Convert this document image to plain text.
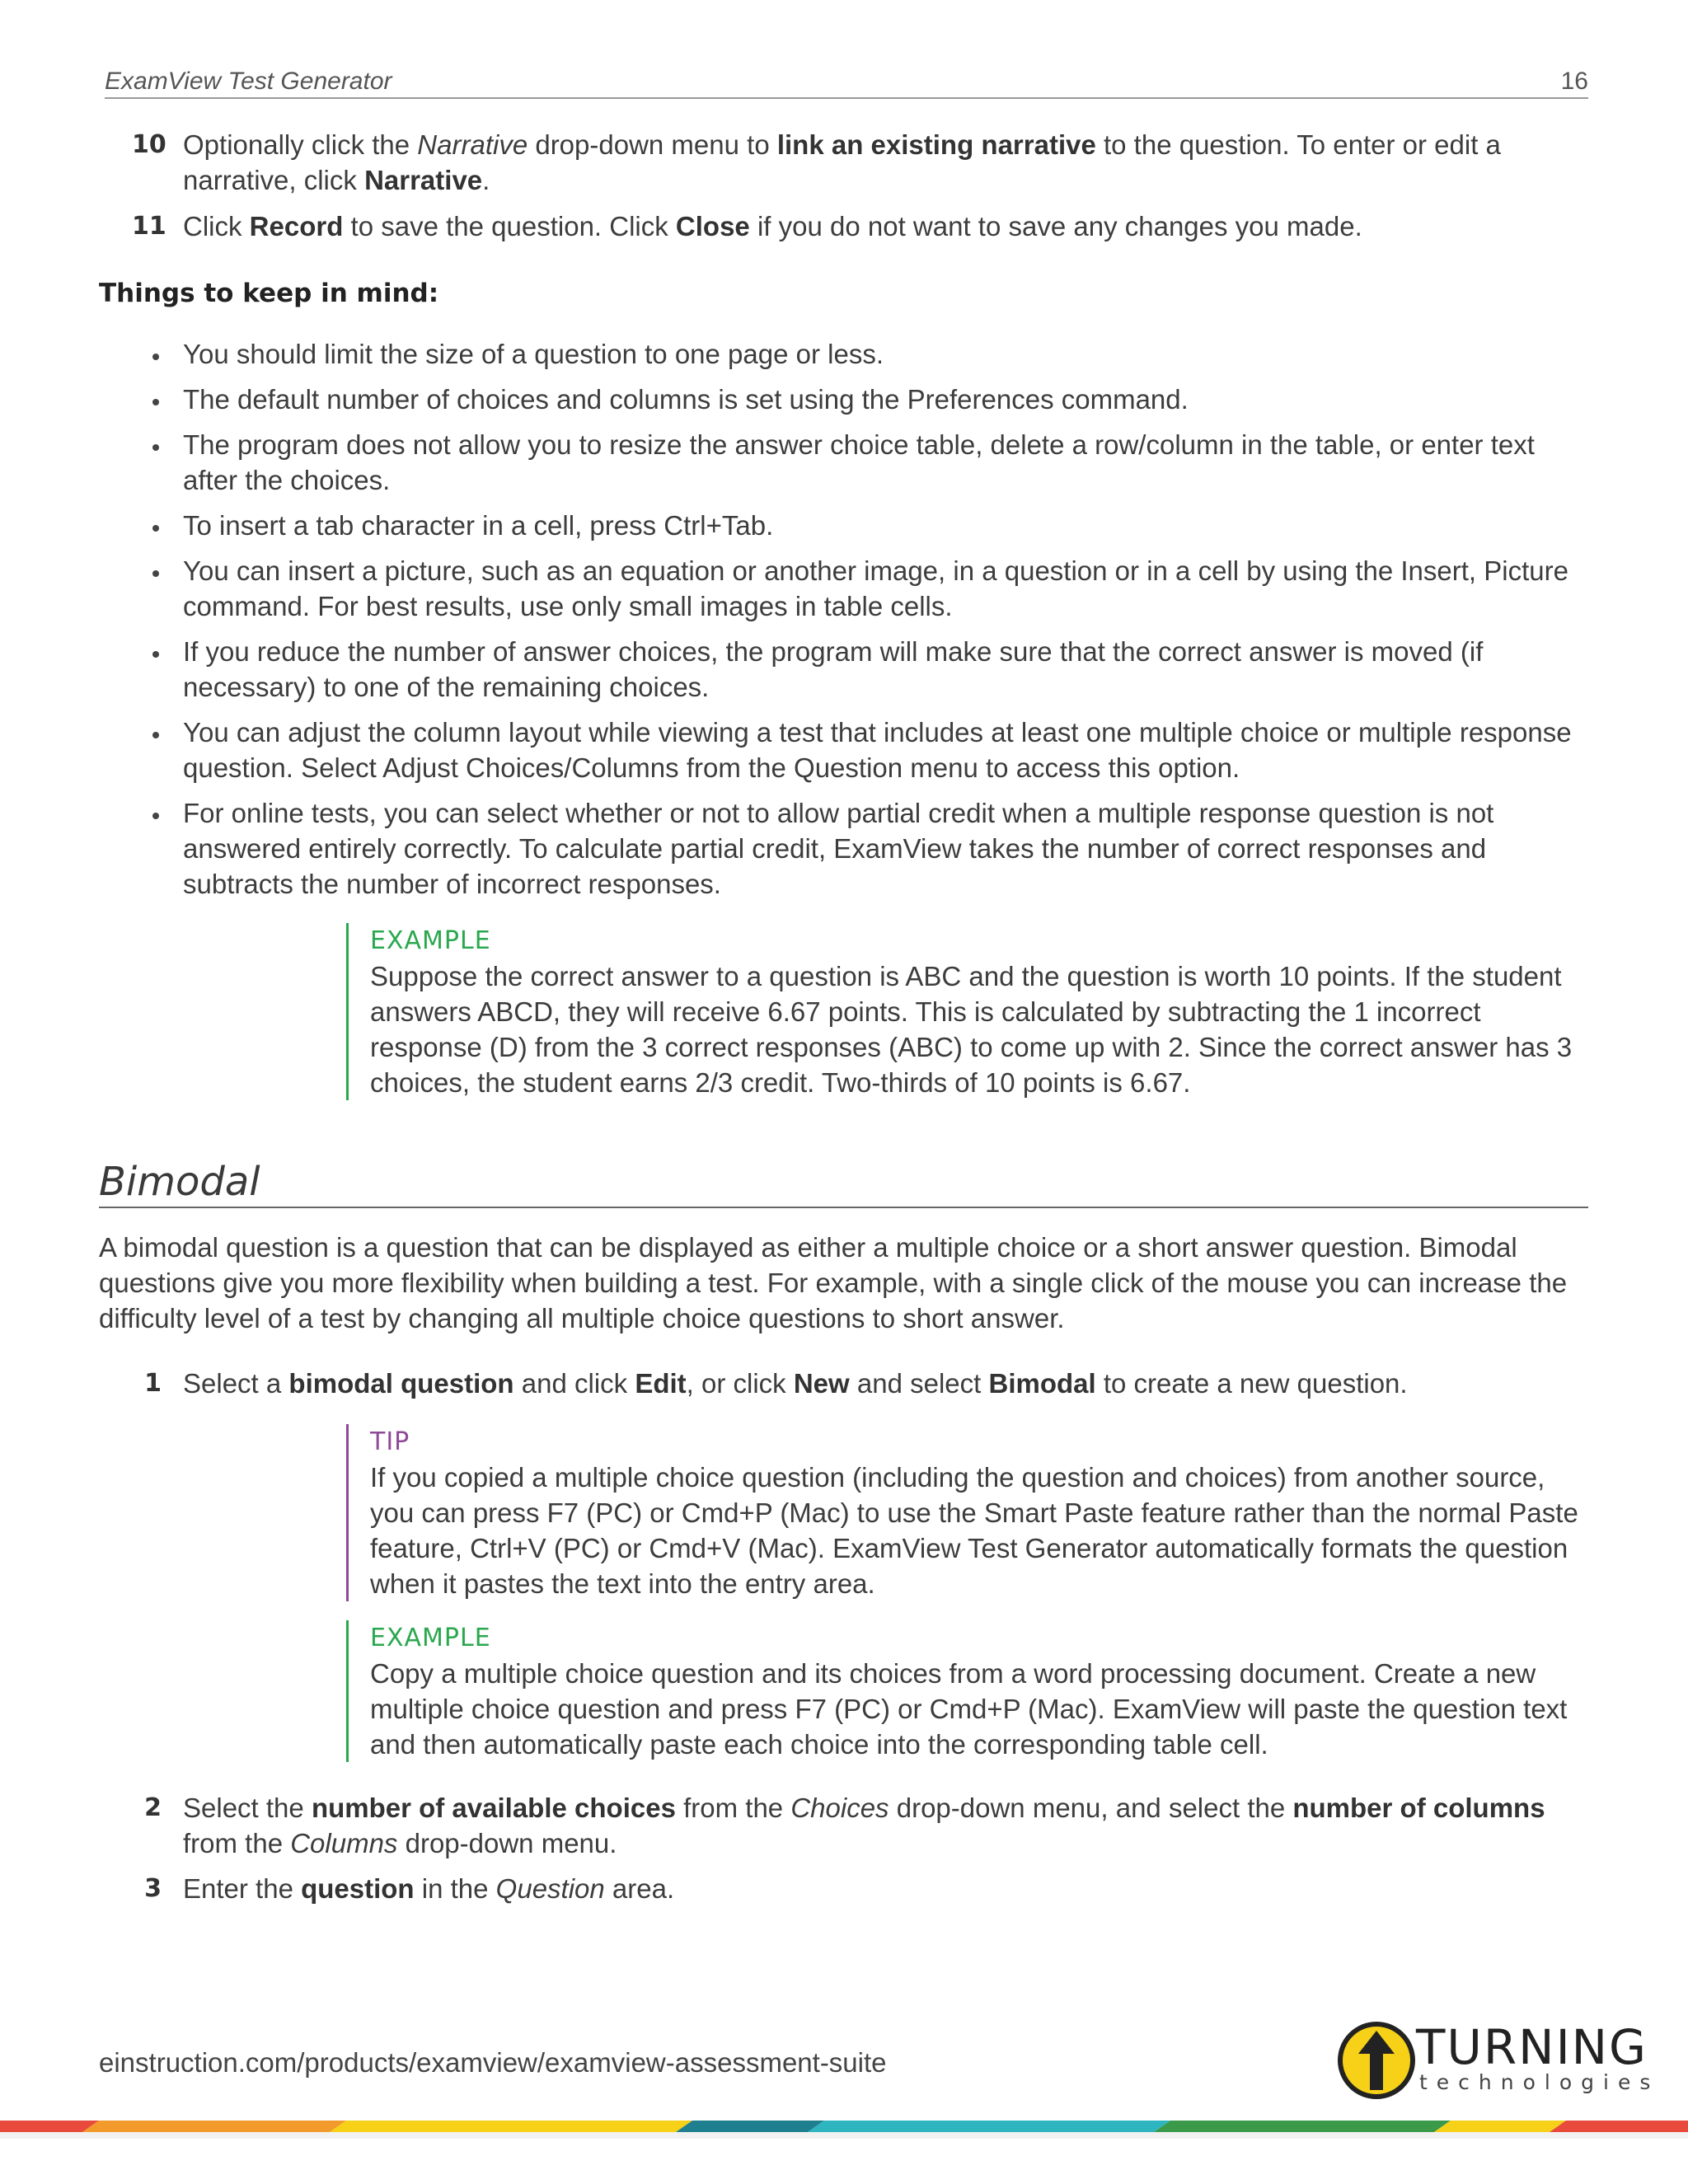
ExamView Test Generator	16
10 Optionally click the Narrative drop-down menu to link an existing narrative to the question. To enter or edit a narrative, click Narrative.
11 Click Record to save the question. Click Close if you do not want to save any changes you made.
Things to keep in mind:
You should limit the size of a question to one page or less.
The default number of choices and columns is set using the Preferences command.
The program does not allow you to resize the answer choice table, delete a row/column in the table, or enter text after the choices.
To insert a tab character in a cell, press Ctrl+Tab.
You can insert a picture, such as an equation or another image, in a question or in a cell by using the Insert, Picture command. For best results, use only small images in table cells.
If you reduce the number of answer choices, the program will make sure that the correct answer is moved (if necessary) to one of the remaining choices.
You can adjust the column layout while viewing a test that includes at least one multiple choice or multiple response question. Select Adjust Choices/Columns from the Question menu to access this option.
For online tests, you can select whether or not to allow partial credit when a multiple response question is not answered entirely correctly. To calculate partial credit, ExamView takes the number of correct responses and subtracts the number of incorrect responses.
EXAMPLE
Suppose the correct answer to a question is ABC and the question is worth 10 points. If the student answers ABCD, they will receive 6.67 points. This is calculated by subtracting the 1 incorrect response (D) from the 3 correct responses (ABC) to come up with 2. Since the correct answer has 3 choices, the student earns 2/3 credit. Two-thirds of 10 points is 6.67.
Bimodal
A bimodal question is a question that can be displayed as either a multiple choice or a short answer question. Bimodal questions give you more flexibility when building a test. For example, with a single click of the mouse you can increase the difficulty level of a test by changing all multiple choice questions to short answer.
1 Select a bimodal question and click Edit, or click New and select Bimodal to create a new question.
TIP
If you copied a multiple choice question (including the question and choices) from another source, you can press F7 (PC) or Cmd+P (Mac) to use the Smart Paste feature rather than the normal Paste feature, Ctrl+V (PC) or Cmd+V (Mac). ExamView Test Generator automatically formats the question when it pastes the text into the entry area.
EXAMPLE
Copy a multiple choice question and its choices from a word processing document. Create a new multiple choice question and press F7 (PC) or Cmd+P (Mac). ExamView will paste the question text and then automatically paste each choice into the corresponding table cell.
2 Select the number of available choices from the Choices drop-down menu, and select the number of columns from the Columns drop-down menu.
3 Enter the question in the Question area.
einstruction.com/products/examview/examview-assessment-suite	TURNING
technologies
